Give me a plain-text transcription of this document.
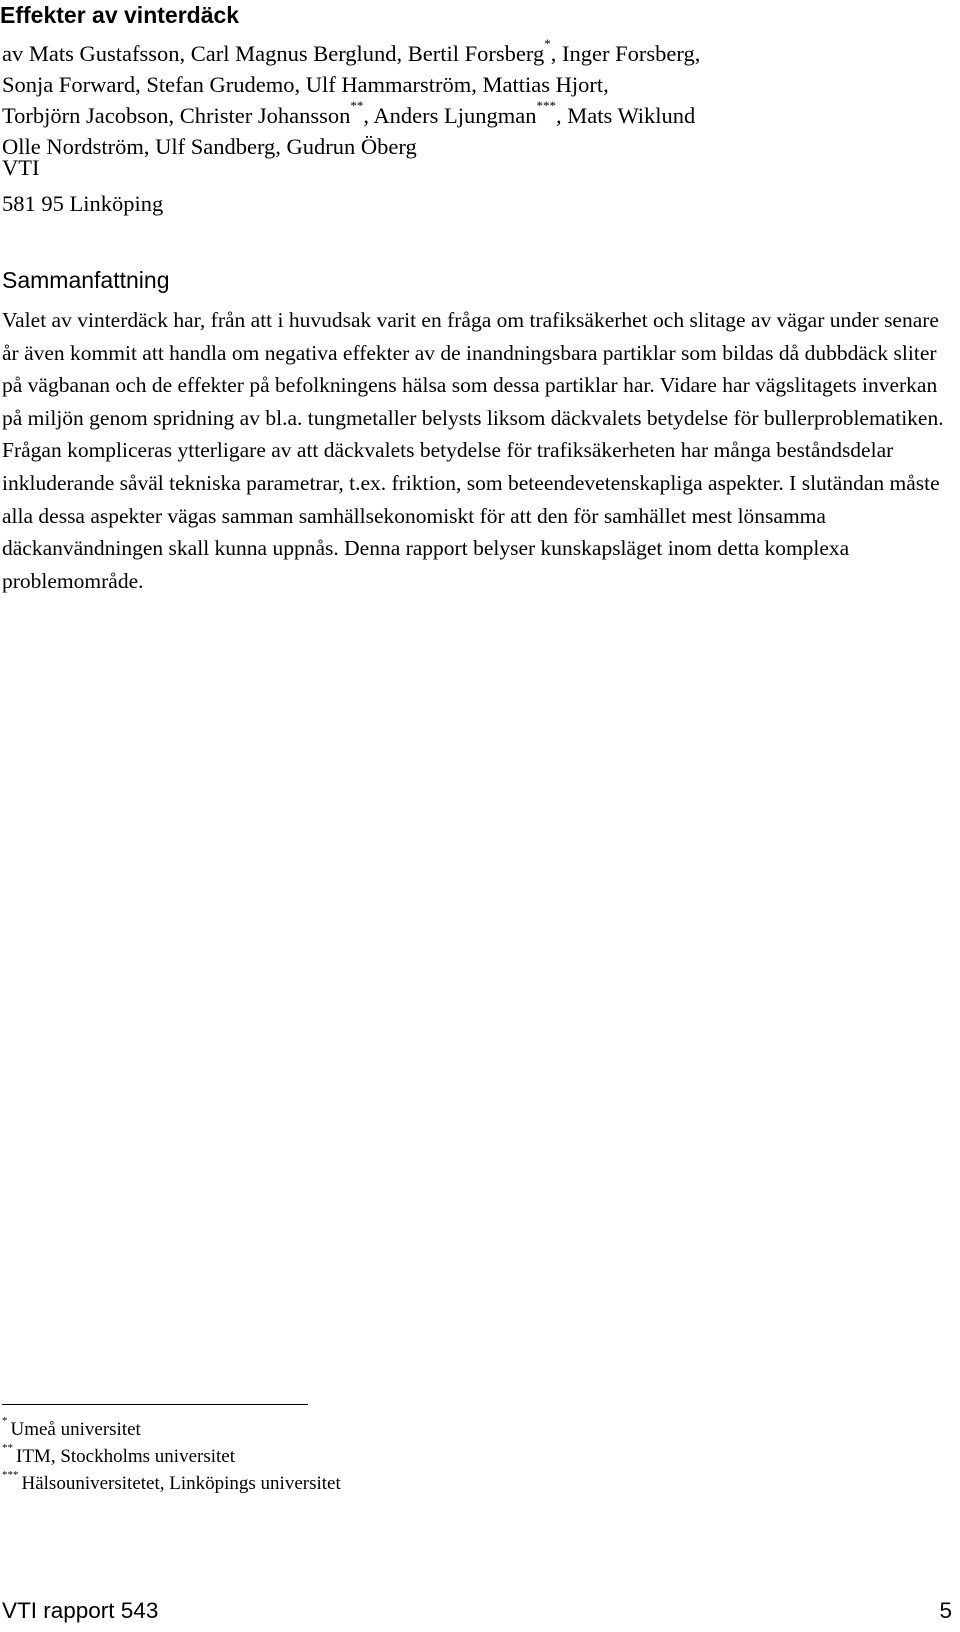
Effekter av vinterdäck
av Mats Gustafsson, Carl Magnus Berglund, Bertil Forsberg*, Inger Forsberg,
Sonja Forward, Stefan Grudemo, Ulf Hammarström, Mattias Hjort,
Torbjörn Jacobson, Christer Johansson**, Anders Ljungman***, Mats Wiklund
Olle Nordström, Ulf Sandberg, Gudrun Öberg
VTI
581 95 Linköping
Sammanfattning
Valet av vinterdäck har, från att i huvudsak varit en fråga om trafiksäkerhet och slitage av vägar under senare år även kommit att handla om negativa effekter av de inandningsbara partiklar som bildas då dubbdäck sliter på vägbanan och de effekter på befolkningens hälsa som dessa partiklar har. Vidare har vägslitagets inverkan på miljön genom spridning av bl.a. tungmetaller belysts liksom däckvalets betydelse för bullerproblematiken. Frågan kompliceras ytterligare av att däckvalets betydelse för trafiksäkerheten har många beståndsdelar inkluderande såväl tekniska parametrar, t.ex. friktion, som beteendevetenskapliga aspekter. I slutändan måste alla dessa aspekter vägas samman samhällsekonomiskt för att den för samhället mest lönsamma däckanvändningen skall kunna uppnås. Denna rapport belyser kunskapsläget inom detta komplexa problemområde.
* Umeå universitet
** ITM, Stockholms universitet
*** Hälsouniversitetet, Linköpings universitet
VTI rapport 543	5
